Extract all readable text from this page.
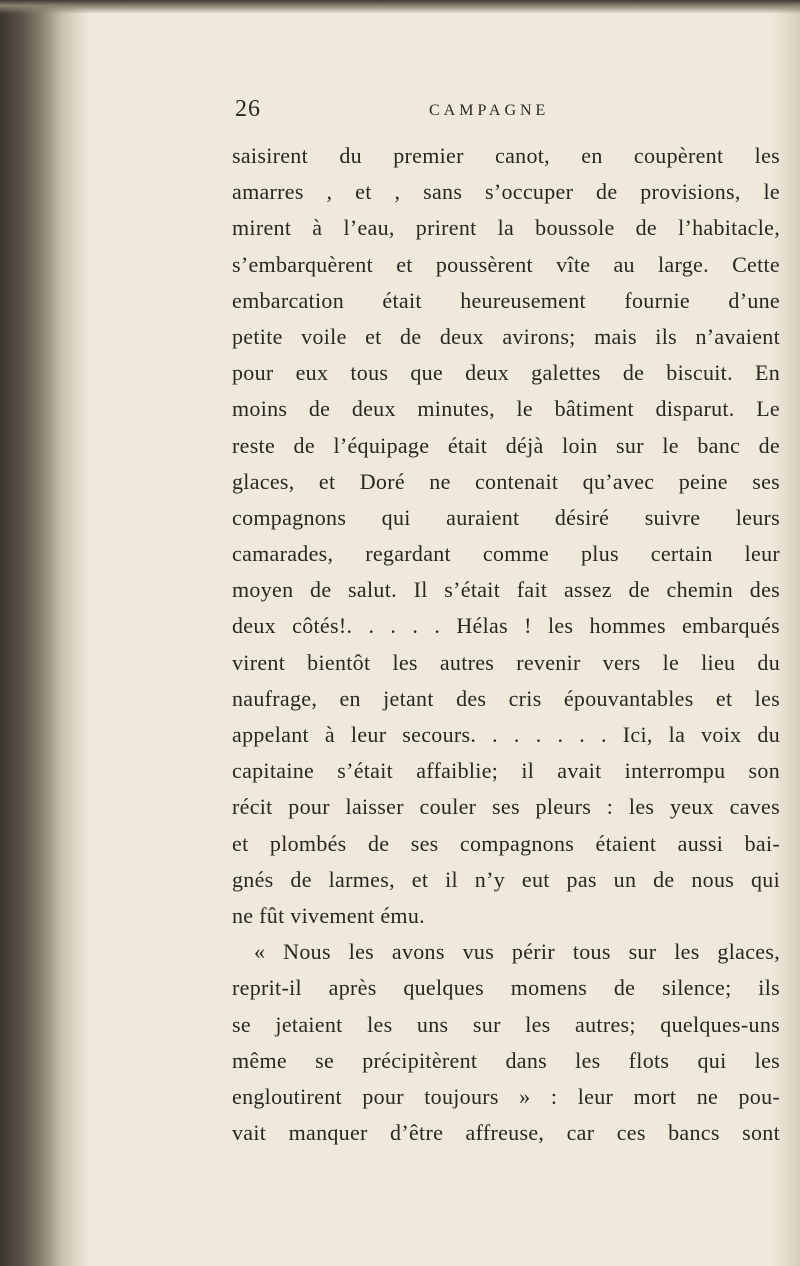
26	CAMPAGNE
saisirent du premier canot, en coupèrent les
amarres , et , sans s’occuper de provisions, le
mirent à l’eau, prirent la boussole de l’habitacle,
s’embarquèrent et poussèrent vîte au large. Cette
embarcation était heureusement fournie d’une
petite voile et de deux avirons; mais ils n’avaient
pour eux tous que deux galettes de biscuit. En
moins de deux minutes, le bâtiment disparut. Le
reste de l’équipage était déjà loin sur le banc de
glaces, et Doré ne contenait qu’avec peine ses
compagnons qui auraient désiré suivre leurs
camarades, regardant comme plus certain leur
moyen de salut. Il s’était fait assez de chemin des
deux côtés!. . . . . Hélas ! les hommes embarqués
virent bientôt les autres revenir vers le lieu du
naufrage, en jetant des cris épouvantables et les
appelant à leur secours. . . . . . . Ici, la voix du
capitaine s’était affaiblie; il avait interrompu son
récit pour laisser couler ses pleurs : les yeux caves
et plombés de ses compagnons étaient aussi bai-
gnés de larmes, et il n’y eut pas un de nous qui
ne fût vivement ému.
« Nous les avons vus périr tous sur les glaces,
reprit-il après quelques momens de silence; ils
se jetaient les uns sur les autres; quelques-uns
même se précipitèrent dans les flots qui les
engloutirent pour toujours » : leur mort ne pou-
vait manquer d’être affreuse, car ces bancs sont
